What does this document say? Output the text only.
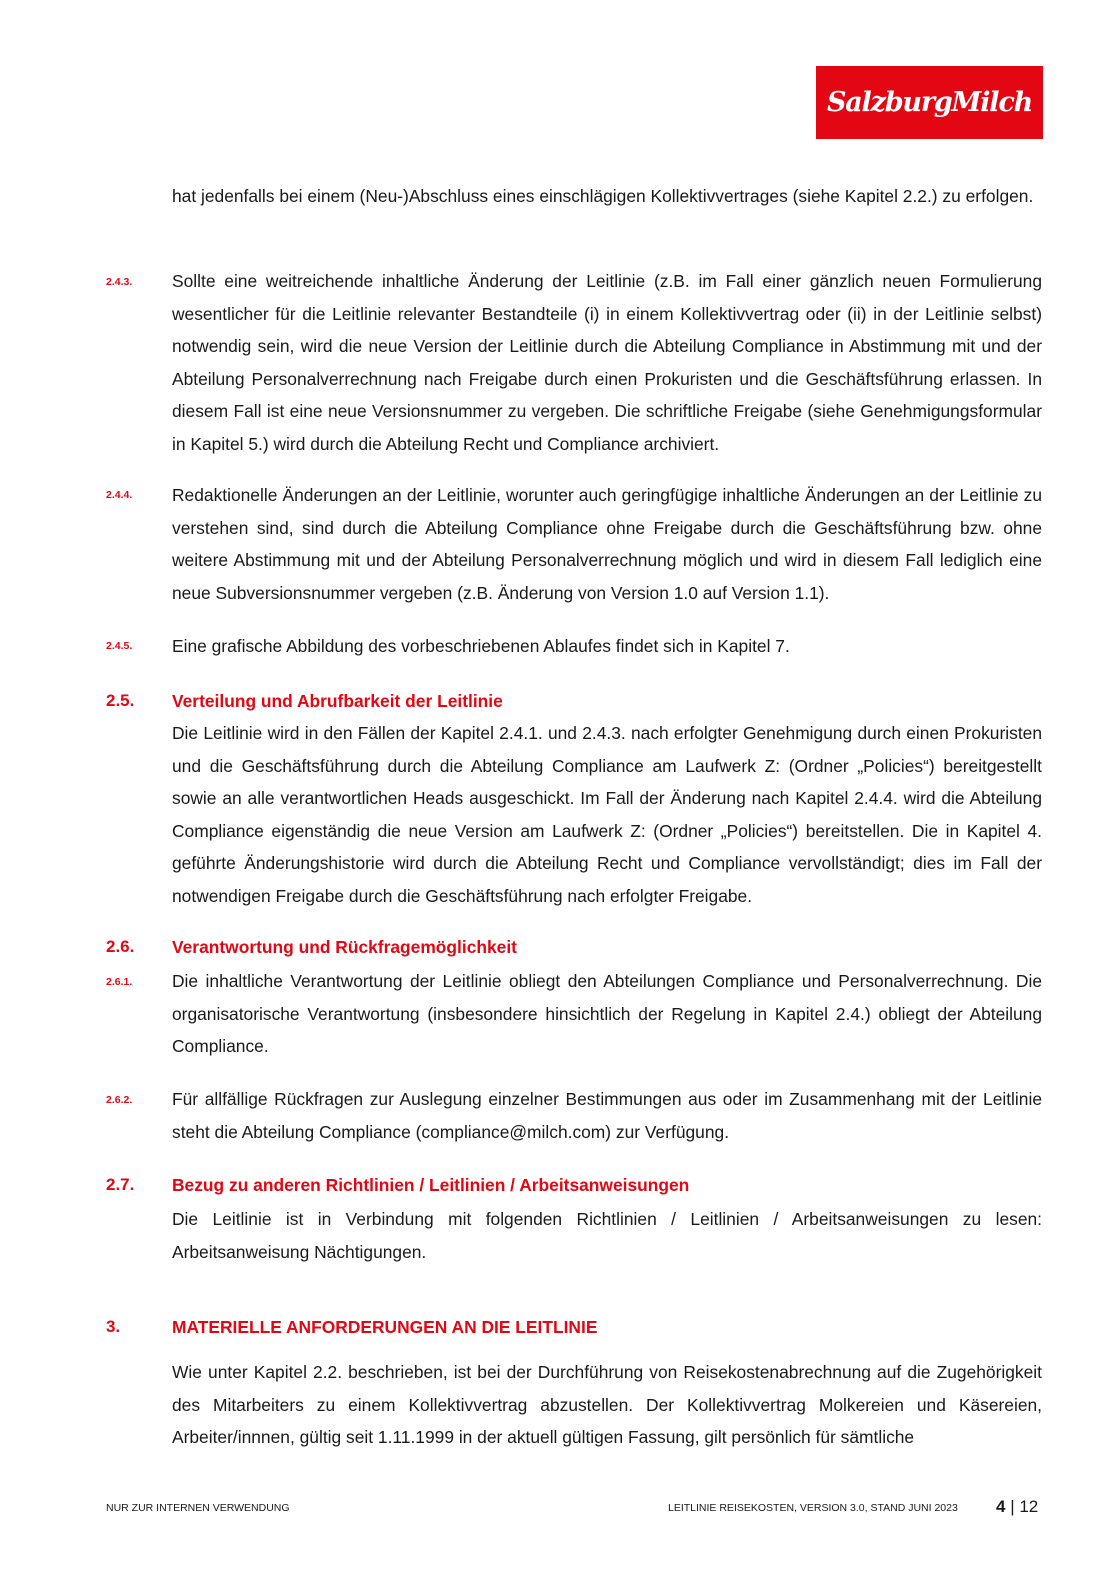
SalzburgMilch
hat jedenfalls bei einem (Neu-)Abschluss eines einschlägigen Kollektivvertrages (siehe Kapitel 2.2.) zu erfolgen.
2.4.3. Sollte eine weitreichende inhaltliche Änderung der Leitlinie (z.B. im Fall einer gänzlich neuen Formulierung wesentlicher für die Leitlinie relevanter Bestandteile (i) in einem Kollektivvertrag oder (ii) in der Leitlinie selbst) notwendig sein, wird die neue Version der Leitlinie durch die Abteilung Compliance in Abstimmung mit und der Abteilung Personalverrechnung nach Freigabe durch einen Prokuristen und die Geschäftsführung erlassen. In diesem Fall ist eine neue Versionsnummer zu vergeben. Die schriftliche Freigabe (siehe Genehmigungsformular in Kapitel 5.) wird durch die Abteilung Recht und Compliance archiviert.
2.4.4. Redaktionelle Änderungen an der Leitlinie, worunter auch geringfügige inhaltliche Änderungen an der Leitlinie zu verstehen sind, sind durch die Abteilung Compliance ohne Freigabe durch die Geschäftsführung bzw. ohne weitere Abstimmung mit und der Abteilung Personalverrechnung möglich und wird in diesem Fall lediglich eine neue Subversionsnummer vergeben (z.B. Änderung von Version 1.0 auf Version 1.1).
2.4.5. Eine grafische Abbildung des vorbeschriebenen Ablaufes findet sich in Kapitel 7.
2.5. Verteilung und Abrufbarkeit der Leitlinie
Die Leitlinie wird in den Fällen der Kapitel 2.4.1. und 2.4.3. nach erfolgter Genehmigung durch einen Prokuristen und die Geschäftsführung durch die Abteilung Compliance am Laufwerk Z: (Ordner „Policies“) bereitgestellt sowie an alle verantwortlichen Heads ausgeschickt. Im Fall der Änderung nach Kapitel 2.4.4. wird die Abteilung Compliance eigenständig die neue Version am Laufwerk Z: (Ordner „Policies“) bereitstellen. Die in Kapitel 4. geführte Änderungshistorie wird durch die Abteilung Recht und Compliance vervollständigt; dies im Fall der notwendigen Freigabe durch die Geschäftsführung nach erfolgter Freigabe.
2.6. Verantwortung und Rückfragemöglichkeit
2.6.1. Die inhaltliche Verantwortung der Leitlinie obliegt den Abteilungen Compliance und Personalverrechnung. Die organisatorische Verantwortung (insbesondere hinsichtlich der Regelung in Kapitel 2.4.) obliegt der Abteilung Compliance.
2.6.2. Für allfällige Rückfragen zur Auslegung einzelner Bestimmungen aus oder im Zusammenhang mit der Leitlinie steht die Abteilung Compliance (compliance@milch.com) zur Verfügung.
2.7. Bezug zu anderen Richtlinien / Leitlinien / Arbeitsanweisungen
Die Leitlinie ist in Verbindung mit folgenden Richtlinien / Leitlinien / Arbeitsanweisungen zu lesen: Arbeitsanweisung Nächtigungen.
3.	MATERIELLE ANFORDERUNGEN AN DIE LEITLINIE
Wie unter Kapitel 2.2. beschrieben, ist bei der Durchführung von Reisekostenabrechnung auf die Zugehörigkeit des Mitarbeiters zu einem Kollektivvertrag abzustellen. Der Kollektivvertrag Molkereien und Käsereien, Arbeiter/innnen, gültig seit 1.11.1999 in der aktuell gültigen Fassung, gilt persönlich für sämtliche
NUR ZUR INTERNEN VERWENDUNG	LEITLINIE REISEKOSTEN, VERSION 3.0, STAND JUNI 2023 4 | 12
